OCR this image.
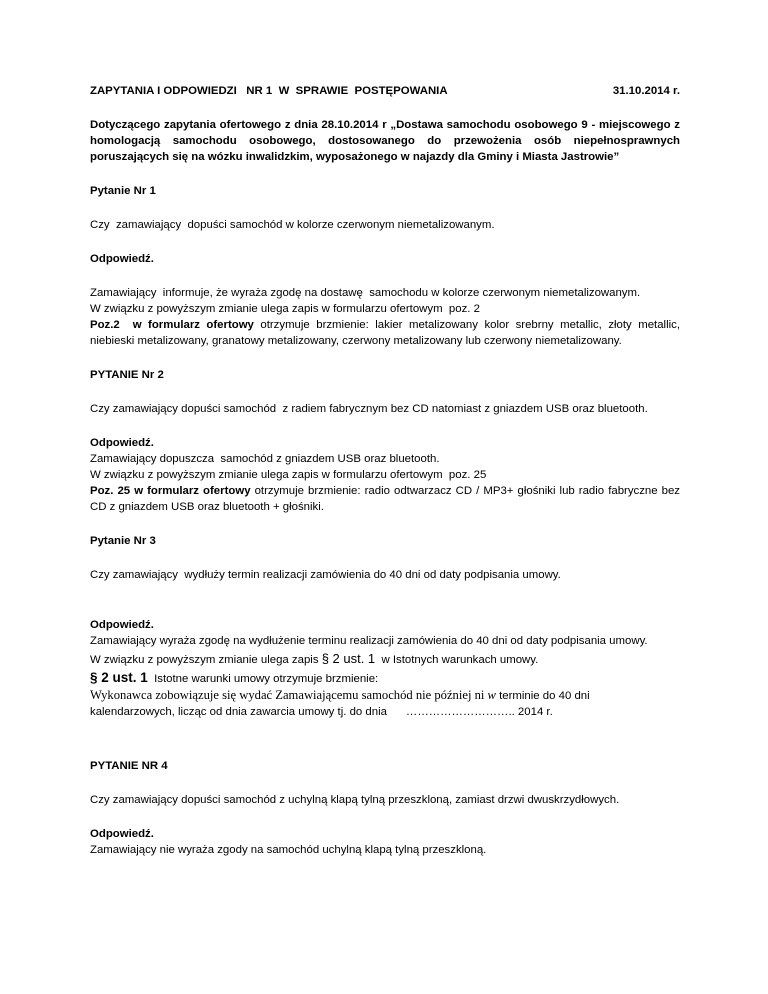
ZAPYTANIA I ODPOWIEDZI   NR 1  W  SPRAWIE  POSTĘPOWANIA	31.10.2014 r.

Dotyczącego zapytania ofertowego z dnia 28.10.2014 r „Dostawa samochodu osobowego 9 - miejscowego z homologacją samochodu osobowego, dostosowanego do przewożenia osób niepełnosprawnych poruszających się na wózku inwalidzkim, wyposażonego w najazdy dla Gminy i Miasta Jastrowie”

Pytanie Nr 1

Czy  zamawiający  dopuści samochód w kolorze czerwonym niemetalizowanym.

Odpowiedź.

Zamawiający  informuje, że wyraża zgodę na dostawę  samochodu w kolorze czerwonym niemetalizowanym.

W związku z powyższym zmianie ulega zapis w formularzu ofertowym  poz. 2

Poz.2  w formularz ofertowy otrzymuje brzmienie: lakier metalizowany kolor srebrny metallic, złoty metallic, niebieski metalizowany, granatowy metalizowany, czerwony metalizowany lub czerwony niemetalizowany.

PYTANIE Nr 2

Czy zamawiający dopuści samochód  z radiem fabrycznym bez CD natomiast z gniazdem USB oraz bluetooth.

Odpowiedź.

Zamawiający dopuszcza  samochód z gniazdem USB oraz bluetooth.

W związku z powyższym zmianie ulega zapis w formularzu ofertowym  poz. 25

Poz. 25 w formularz ofertowy otrzymuje brzmienie: radio odtwarzacz CD / MP3+ głośniki lub radio fabryczne bez CD z gniazdem USB oraz bluetooth + głośniki.

Pytanie Nr 3

Czy zamawiający  wydłuży termin realizacji zamówienia do 40 dni od daty podpisania umowy.

Odpowiedź.

Zamawiający wyraża zgodę na wydłużenie terminu realizacji zamówienia do 40 dni od daty podpisania umowy.

W związku z powyższym zmianie ulega zapis § 2 ust. 1  w Istotnych warunkach umowy.

§ 2 ust. 1  Istotne warunki umowy otrzymuje brzmienie:

Wykonawca zobowiązuje się wydać Zamawiającemu samochód nie później ni w terminie do 40 dni

kalendarzowych, licząc od dnia zawarcia umowy tj. do dnia      ……………………….. 2014 r.

PYTANIE NR 4

Czy zamawiający dopuści samochód z uchylną klapą tylną przeszkloną, zamiast drzwi dwuskrzydłowych.

Odpowiedź.

Zamawiający nie wyraża zgody na samochód uchylną klapą tylną przeszkloną.
